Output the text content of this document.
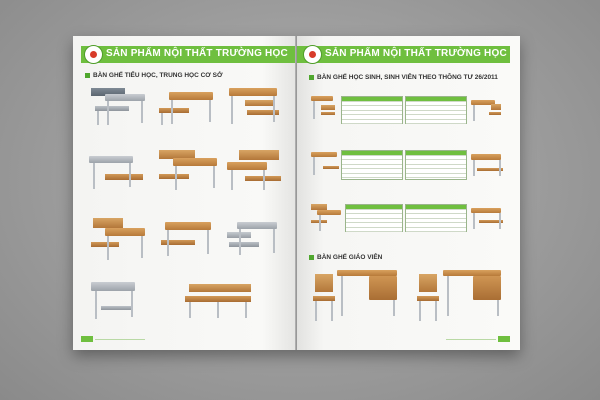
SẢN PHẨM NỘI THẤT TRƯỜNG HỌC
BÀN GHẾ TIỂU HỌC, TRUNG HỌC CƠ SỞ
SẢN PHẨM NỘI THẤT TRƯỜNG HỌC
BÀN GHẾ HỌC SINH, SINH VIÊN THEO THÔNG TƯ 26/2011
BÀN GHẾ GIÁO VIÊN
